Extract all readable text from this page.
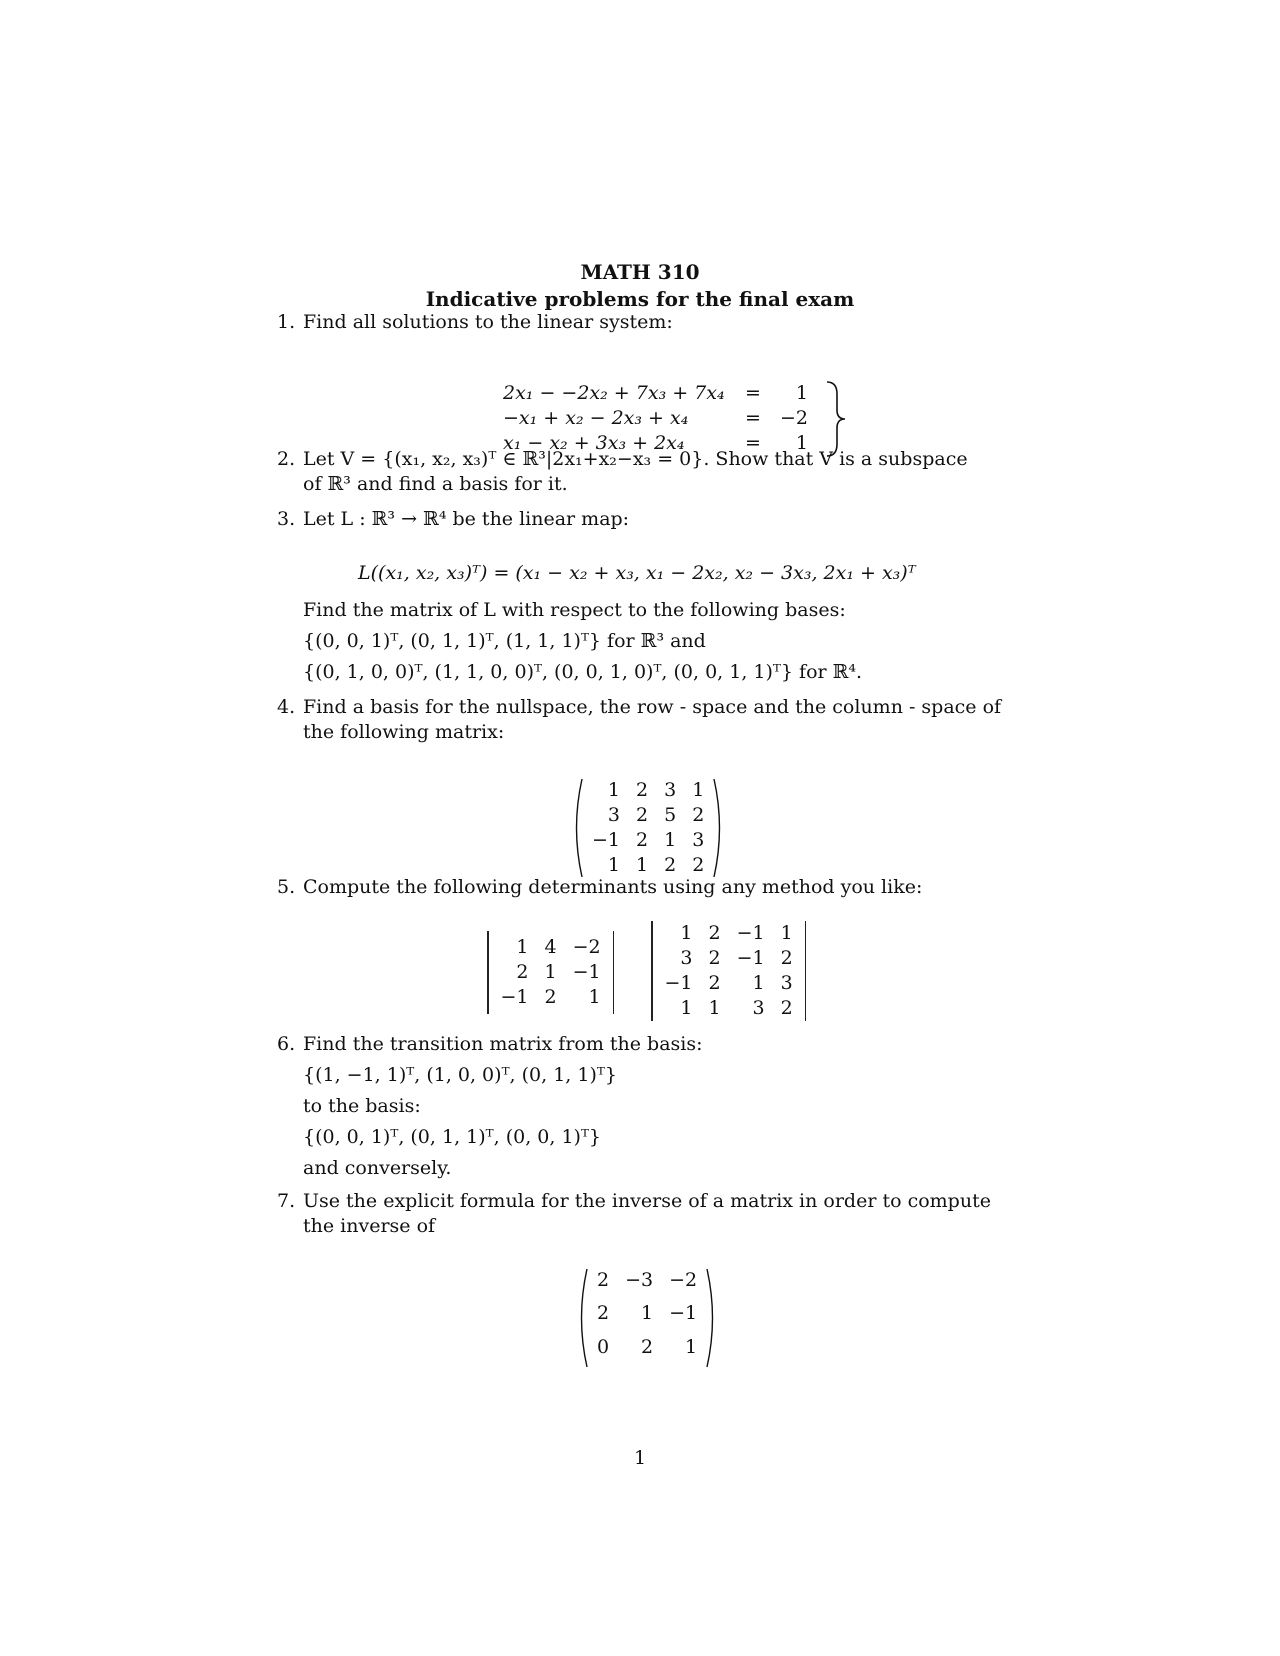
MATH 310
Indicative problems for the final exam
1. Find all solutions to the linear system:
2x₁ − −2x₂ + 7x₃ + 7x₄	=	1
−x₁ + x₂ − 2x₃ + x₄	=	−2
x₁ − x₂ + 3x₃ + 2x₄	=	1
2. Let V = {(x₁, x₂, x₃)ᵀ ∈ ℝ³|2x₁+x₂−x₃ = 0}. Show that V is a subspace
of ℝ³ and find a basis for it.
3. Let L : ℝ³ → ℝ⁴ be the linear map:
L((x₁, x₂, x₃)ᵀ) = (x₁ − x₂ + x₃, x₁ − 2x₂, x₂ − 3x₃, 2x₁ + x₃)ᵀ
Find the matrix of L with respect to the following bases:
{(0, 0, 1)ᵀ, (0, 1, 1)ᵀ, (1, 1, 1)ᵀ} for ℝ³ and
{(0, 1, 0, 0)ᵀ, (1, 1, 0, 0)ᵀ, (0, 0, 1, 0)ᵀ, (0, 0, 1, 1)ᵀ} for ℝ⁴.
4. Find a basis for the nullspace, the row - space and the column - space of
the following matrix:
1 2 3 1
3 2 5 2
−1 2 1 3
1 1 2 2
5. Compute the following determinants using any method you like:
1 4 −2
2 1 −1
−1 2	1
1 2 −1 1
3 2 −1 2
−1 2	1 3
1 1	3 2
6. Find the transition matrix from the basis:
{(1, −1, 1)ᵀ, (1, 0, 0)ᵀ, (0, 1, 1)ᵀ}
to the basis:
{(0, 0, 1)ᵀ, (0, 1, 1)ᵀ, (0, 0, 1)ᵀ}
and conversely.
7. Use the explicit formula for the inverse of a matrix in order to compute
the inverse of
2 −3 −2
2	1 −1
0	2	1
1
